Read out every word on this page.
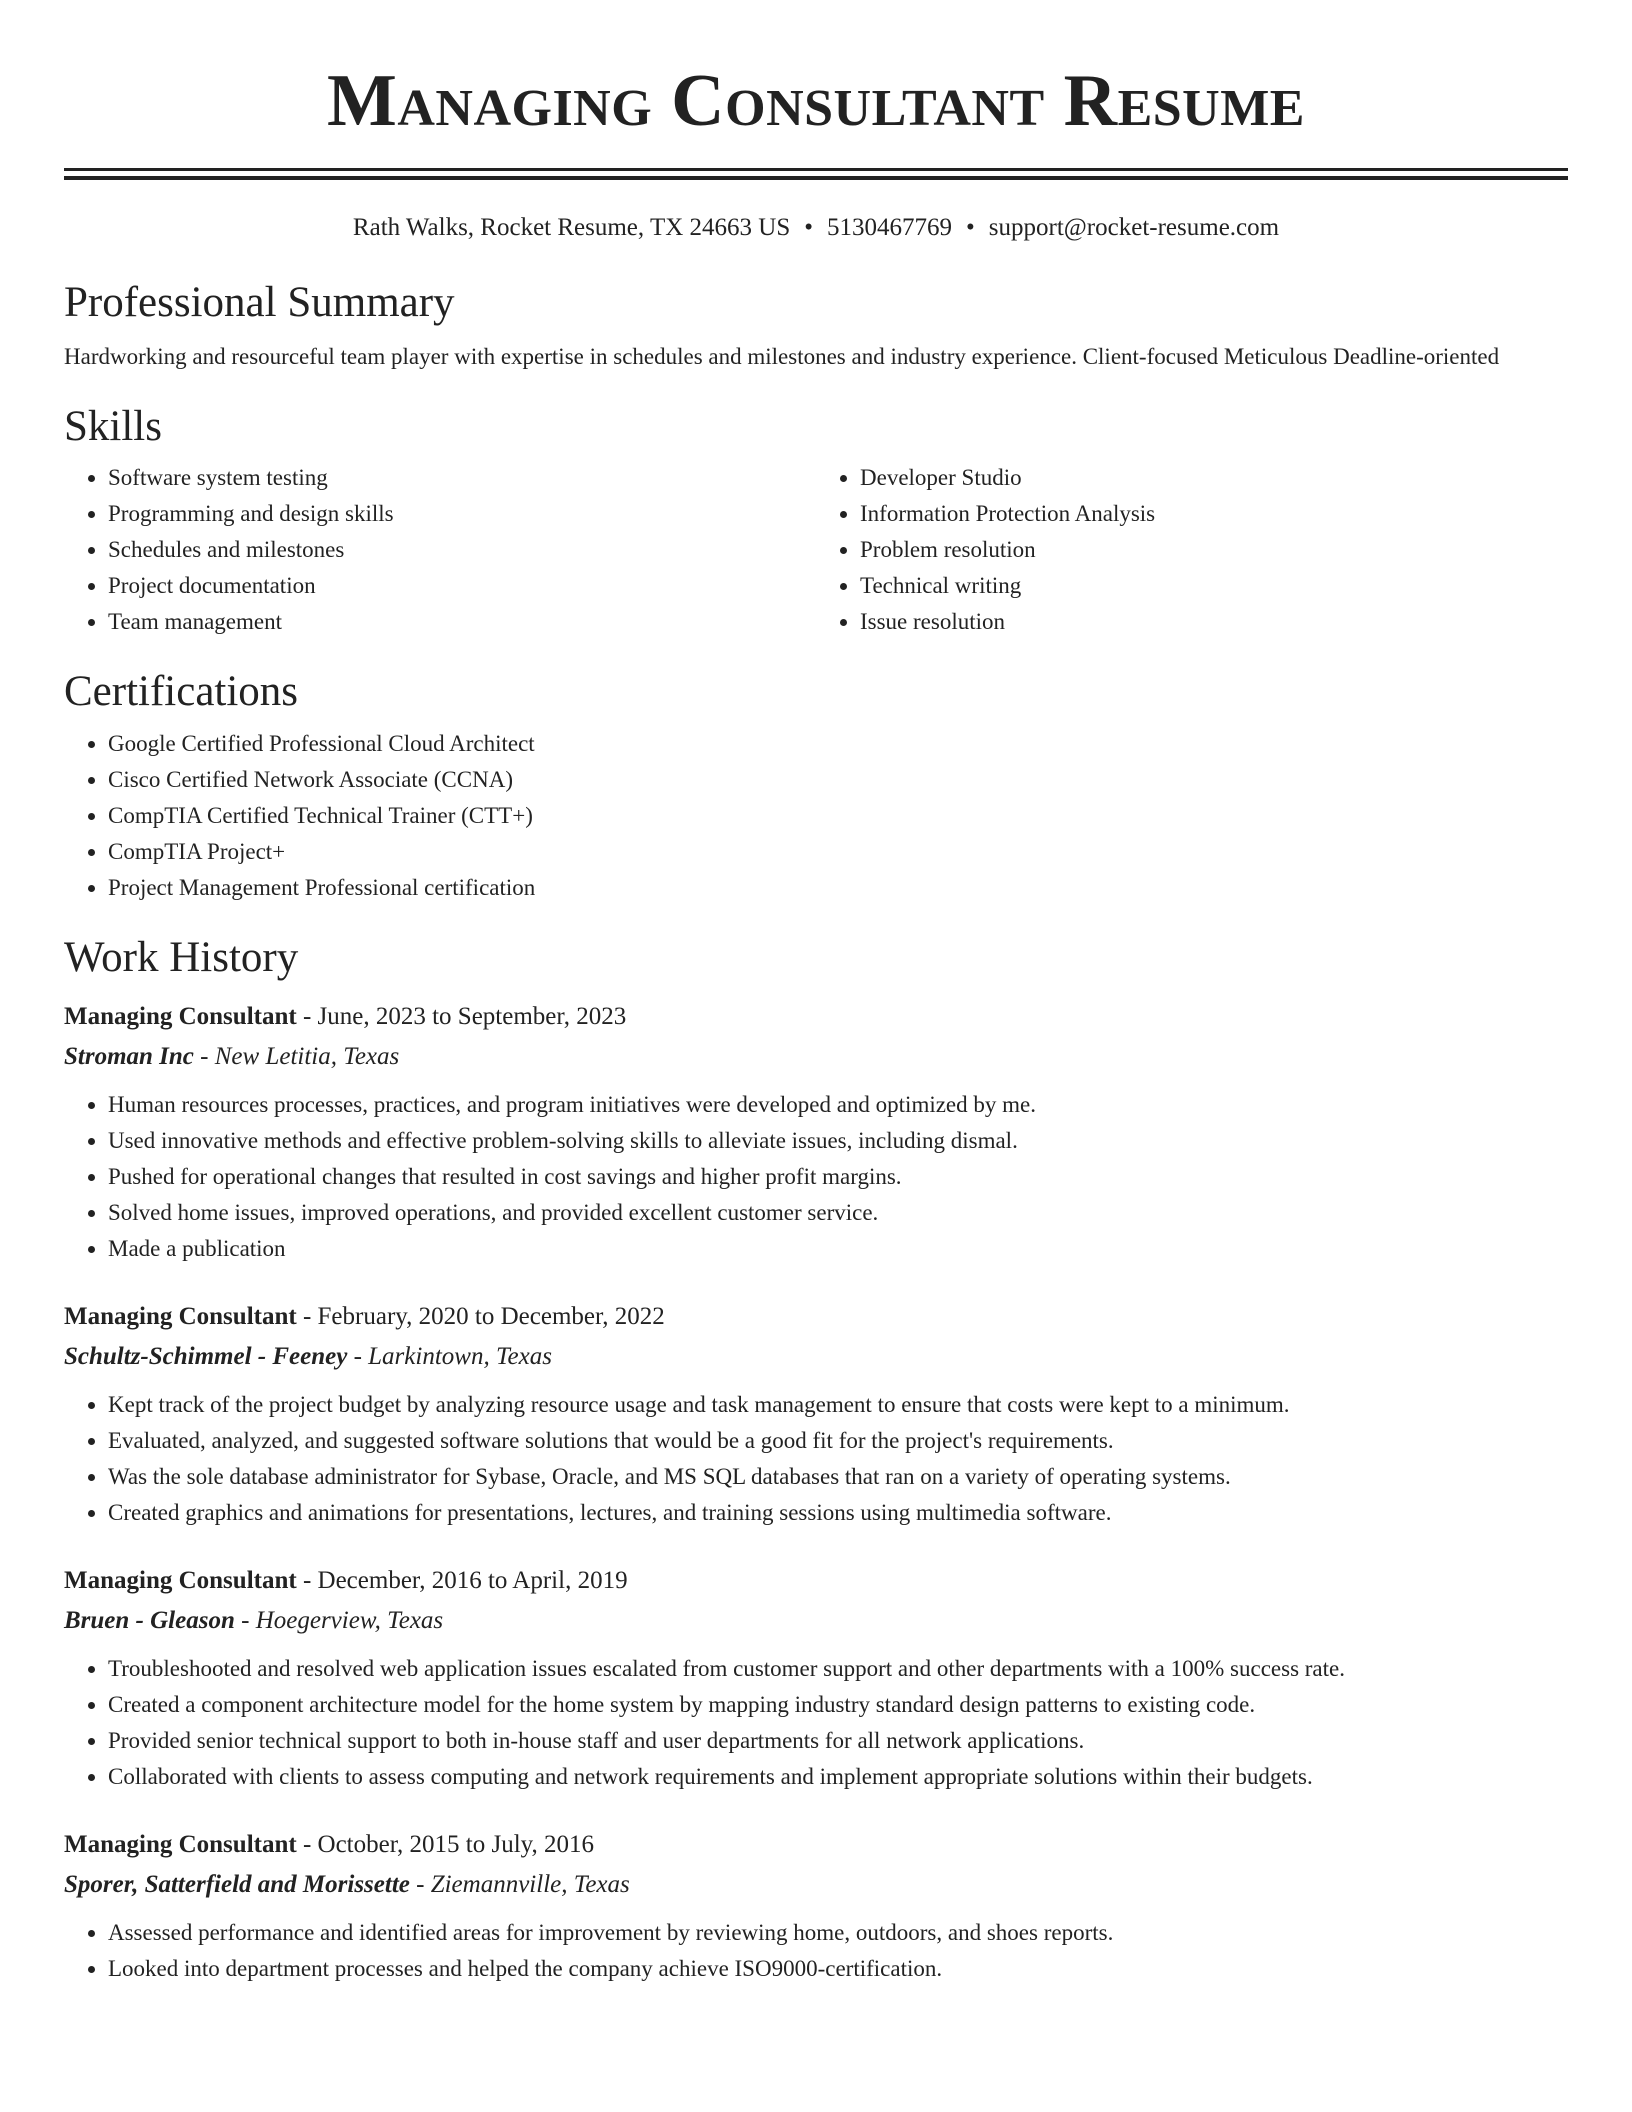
Managing Consultant Resume
Rath Walks, Rocket Resume, TX 24663 US • 5130467769 • support@rocket-resume.com
Professional Summary

Hardworking and resourceful team player with expertise in schedules and milestones and industry experience. Client-focused Meticulous Deadline-oriented

Skills
• Software system testing
• Programming and design skills
• Schedules and milestones
• Project documentation
• Team management
• Developer Studio
• Information Protection Analysis
• Problem resolution
• Technical writing
• Issue resolution
Certifications
• Google Certified Professional Cloud Architect
• Cisco Certified Network Associate (CCNA)
• CompTIA Certified Technical Trainer (CTT+)
• CompTIA Project+
• Project Management Professional certification
Work History
Managing Consultant - June, 2023 to September, 2023
Stroman Inc - New Letitia, Texas
• Human resources processes, practices, and program initiatives were developed and optimized by me.
• Used innovative methods and effective problem-solving skills to alleviate issues, including dismal.
• Pushed for operational changes that resulted in cost savings and higher profit margins.
• Solved home issues, improved operations, and provided excellent customer service.
• Made a publication
Managing Consultant - February, 2020 to December, 2022
Schultz-Schimmel - Feeney - Larkintown, Texas
• Kept track of the project budget by analyzing resource usage and task management to ensure that costs were kept to a minimum.
• Evaluated, analyzed, and suggested software solutions that would be a good fit for the project's requirements.
• Was the sole database administrator for Sybase, Oracle, and MS SQL databases that ran on a variety of operating systems.
• Created graphics and animations for presentations, lectures, and training sessions using multimedia software.
Managing Consultant - December, 2016 to April, 2019
Bruen - Gleason - Hoegerview, Texas
• Troubleshooted and resolved web application issues escalated from customer support and other departments with a 100% success rate.
• Created a component architecture model for the home system by mapping industry standard design patterns to existing code.
• Provided senior technical support to both in-house staff and user departments for all network applications.
• Collaborated with clients to assess computing and network requirements and implement appropriate solutions within their budgets.
Managing Consultant - October, 2015 to July, 2016
Sporer, Satterfield and Morissette - Ziemannville, Texas
• Assessed performance and identified areas for improvement by reviewing home, outdoors, and shoes reports.
• Looked into department processes and helped the company achieve ISO9000-certification.
